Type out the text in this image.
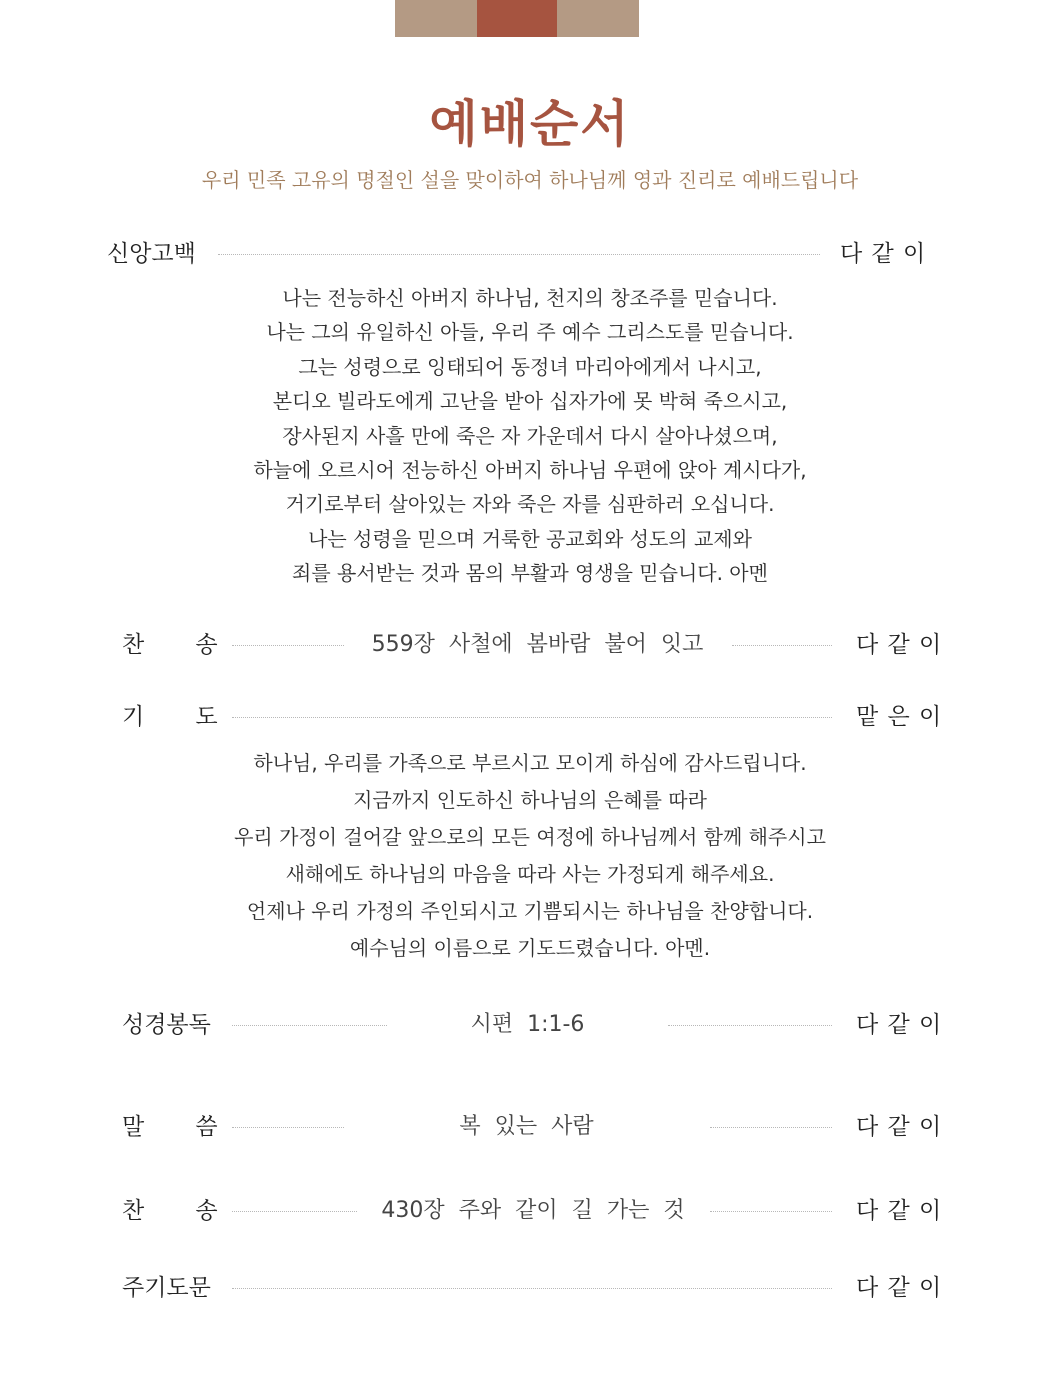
예배순서
우리 민족 고유의 명절인 설을 맞이하여 하나님께 영과 진리로 예배드립니다
신앙고백	다 같 이
나는 전능하신 아버지 하나님, 천지의 창조주를 믿습니다.
나는 그의 유일하신 아들, 우리 주 예수 그리스도를 믿습니다.
그는 성령으로 잉태되어 동정녀 마리아에게서 나시고,
본디오 빌라도에게 고난을 받아 십자가에 못 박혀 죽으시고,
장사된지 사흘 만에 죽은 자 가운데서 다시 살아나셨으며,
하늘에 오르시어 전능하신 아버지 하나님 우편에 앉아 계시다가,
거기로부터 살아있는 자와 죽은 자를 심판하러 오십니다.
나는 성령을 믿으며 거룩한 공교회와 성도의 교제와
죄를 용서받는 것과 몸의 부활과 영생을 믿습니다. 아멘
찬       송	559장  사철에  봄바람  불어  잇고	다 같 이
기       도	맡 은 이
하나님, 우리를 가족으로 부르시고 모이게 하심에 감사드립니다.
지금까지 인도하신 하나님의 은혜를 따라
우리 가정이 걸어갈 앞으로의 모든 여정에 하나님께서 함께 해주시고
새해에도 하나님의 마음을 따라 사는 가정되게 해주세요.
언제나 우리 가정의 주인되시고 기쁨되시는 하나님을 찬양합니다.
예수님의 이름으로 기도드렸습니다. 아멘.
성경봉독	시편  1:1-6	다 같 이
말       씀	복  있는  사람	다 같 이
찬       송	430장  주와  같이  길  가는  것	다 같 이
주기도문	다 같 이
